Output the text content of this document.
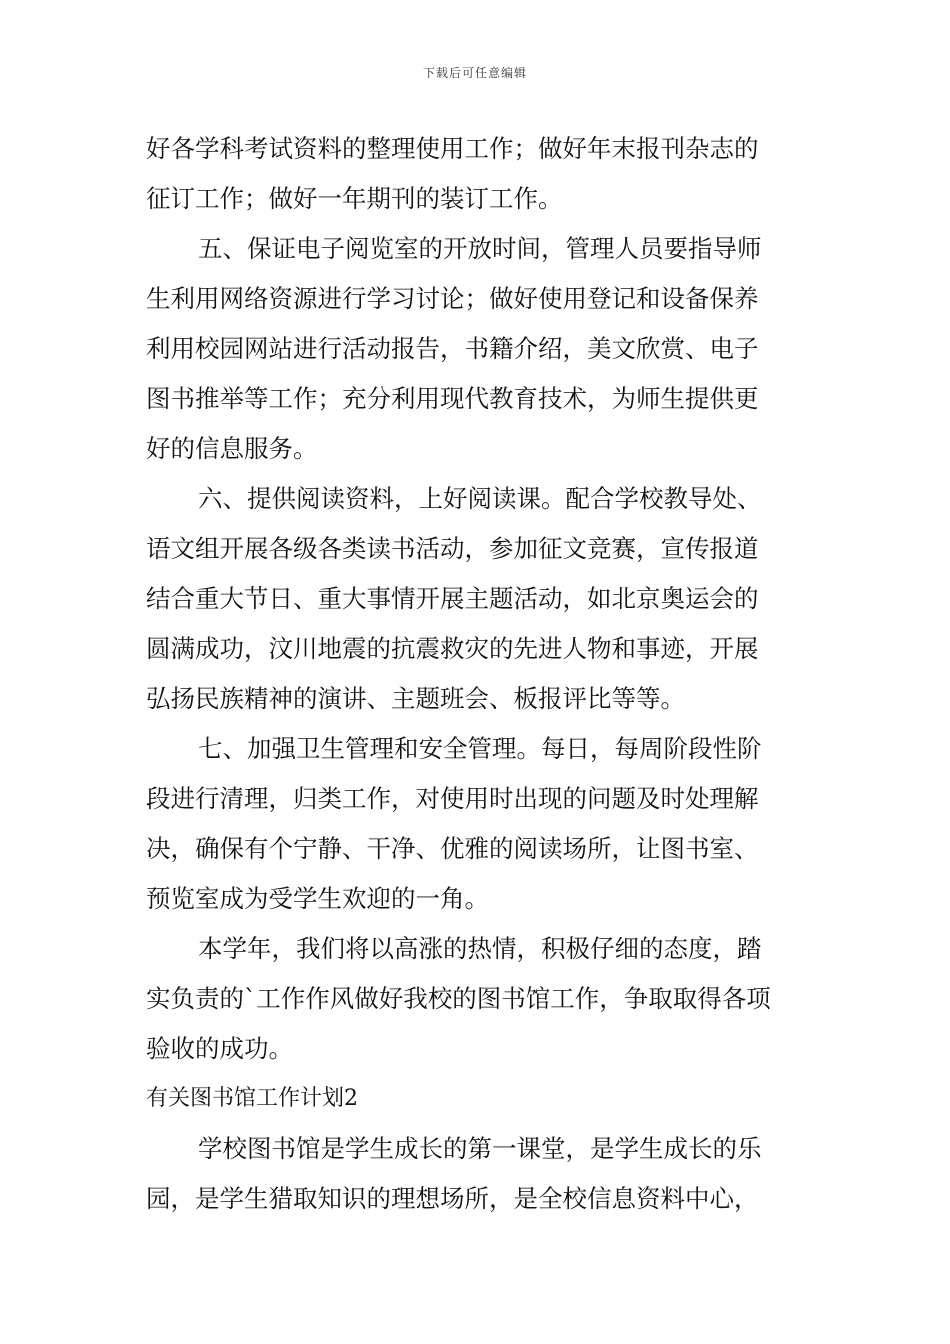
下载后可任意编辑
好各学科考试资料的整理使用工作；做好年末报刊杂志的
征订工作；做好一年期刊的装订工作。
五、保证电子阅览室的开放时间，管理人员要指导师
生利用网络资源进行学习讨论；做好使用登记和设备保养
利用校园网站进行活动报告，书籍介绍，美文欣赏、电子
图书推举等工作；充分利用现代教育技术，为师生提供更
好的信息服务。
六、提供阅读资料，上好阅读课。配合学校教导处、
语文组开展各级各类读书活动，参加征文竞赛，宣传报道
结合重大节日、重大事情开展主题活动，如北京奥运会的
圆满成功，汶川地震的抗震救灾的先进人物和事迹，开展
弘扬民族精神的演讲、主题班会、板报评比等等。
七、加强卫生管理和安全管理。每日，每周阶段性阶
段进行清理，归类工作，对使用时出现的问题及时处理解
决，确保有个宁静、干净、优雅的阅读场所，让图书室、
预览室成为受学生欢迎的一角。
本学年，我们将以高涨的热情，积极仔细的态度，踏
实负责的`工作作风做好我校的图书馆工作，争取取得各项
验收的成功。
有关图书馆工作计划2
学校图书馆是学生成长的第一课堂，是学生成长的乐
园，是学生猎取知识的理想场所，是全校信息资料中心，
